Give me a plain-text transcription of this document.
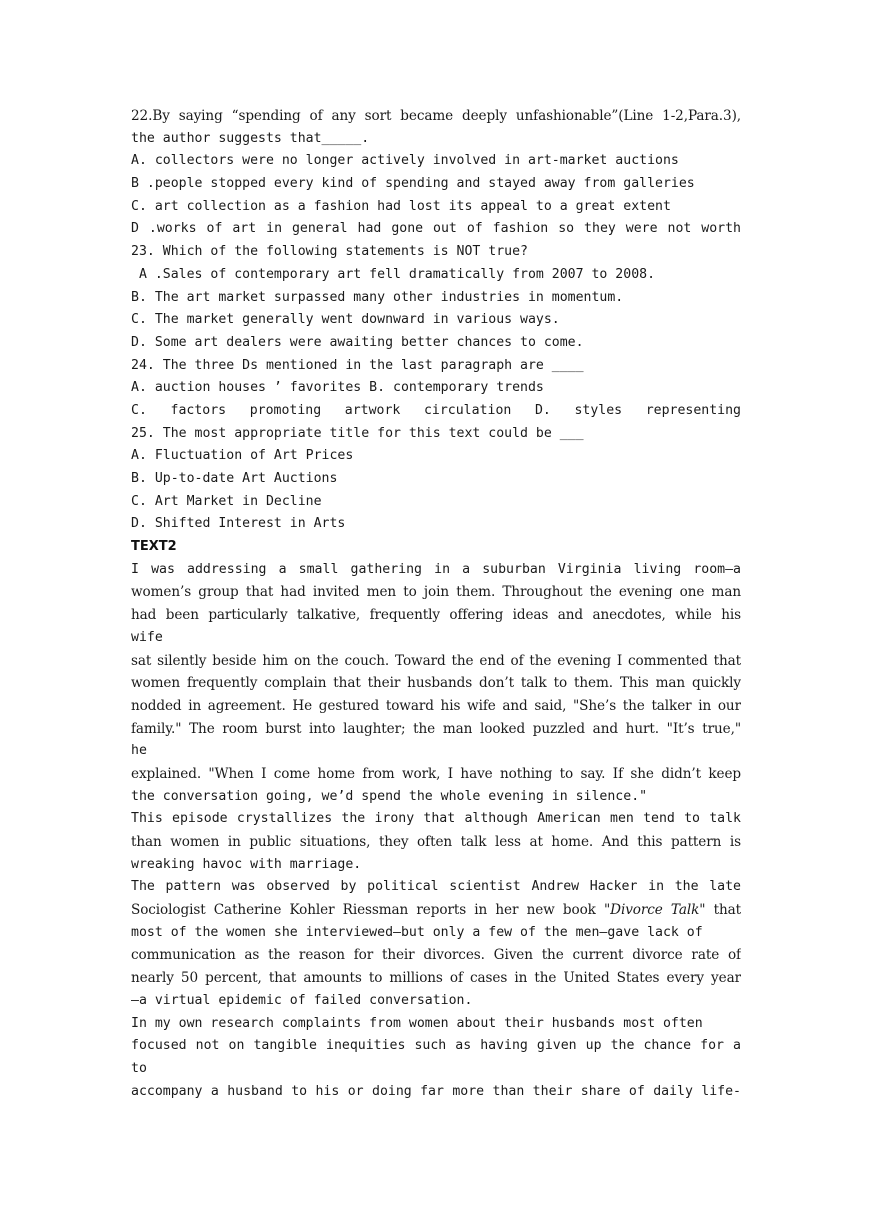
22.By saying “spending of any sort became deeply unfashionable”(Line 1-2,Para.3),
the author suggests that_____.
A. collectors were no longer actively involved in art-market auctions
B .people stopped every kind of spending and stayed away from galleries
C. art collection as a fashion had lost its appeal to a great extent
D .works of art in general had gone out of fashion so they were not worth
23. Which of the following statements is NOT true?
A .Sales of contemporary art fell dramatically from 2007 to 2008.
B. The art market surpassed many other industries in momentum.
C. The market generally went downward in various ways.
D. Some art dealers were awaiting better chances to come.
24. The three Ds mentioned in the last paragraph are ____
A. auction houses ’ favorites B. contemporary trends
C. factors promoting artwork circulation D. styles representing
25. The most appropriate title for this text could be ___
A. Fluctuation of Art Prices
B. Up-to-date Art Auctions
C. Art Market in Decline
D. Shifted Interest in Arts
TEXT2
I was addressing a small gathering in a suburban Virginia living room—a
women’s group that had invited men to join them. Throughout the evening one man
had been particularly talkative, frequently offering ideas and anecdotes, while his
wife
sat silently beside him on the couch. Toward the end of the evening I commented that
women frequently complain that their husbands don’t talk to them. This man quickly
nodded in agreement. He gestured toward his wife and said, "She’s the talker in our
family." The room burst into laughter; the man looked puzzled and hurt. "It’s true,"
he
explained. "When I come home from work, I have nothing to say. If she didn’t keep
the conversation going, we’d spend the whole evening in silence."
This episode crystallizes the irony that although American men tend to talk
than women in public situations, they often talk less at home. And this pattern is
wreaking havoc with marriage.
The pattern was observed by political scientist Andrew Hacker in the late
Sociologist Catherine Kohler Riessman reports in her new book "Divorce Talk" that
most of the women she interviewed—but only a few of the men—gave lack of
communication as the reason for their divorces. Given the current divorce rate of
nearly 50 percent, that amounts to millions of cases in the United States every year
—a virtual epidemic of failed conversation.
In my own research complaints from women about their husbands most often
focused not on tangible inequities such as having given up the chance for a
to
accompany a husband to his or doing far more than their share of daily life-
